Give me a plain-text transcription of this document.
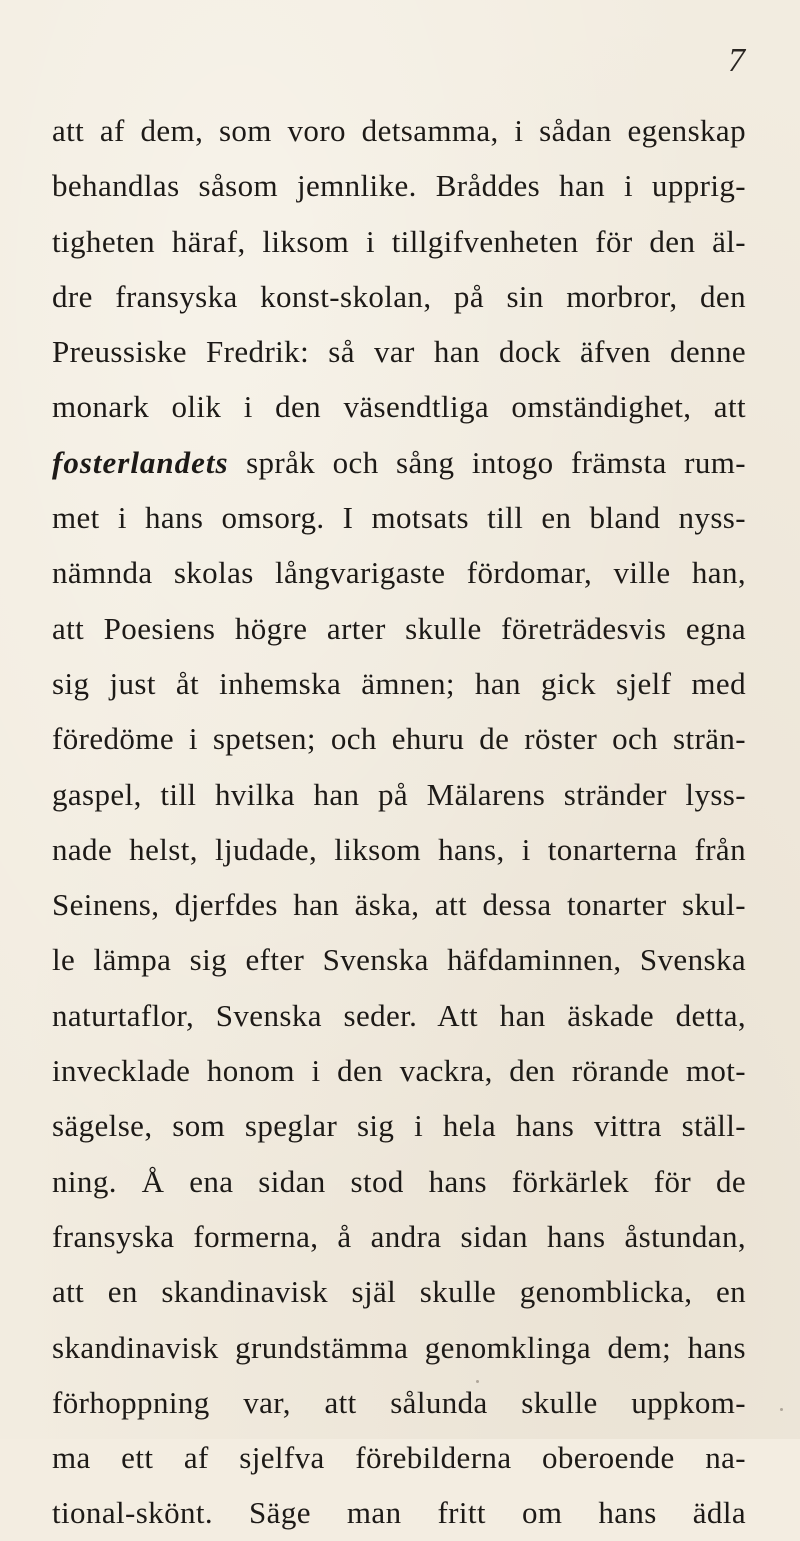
7
att af dem, som voro detsamma, i sådan egenskap
behandlas såsom jemnlike. Bråddes han i upprig-
tigheten häraf, liksom i tillgifvenheten för den äl-
dre fransyska konst-skolan, på sin morbror, den
Preussiske Fredrik: så var han dock äfven denne
monark olik i den väsendtliga omständighet, att
fosterlandets språk och sång intogo främsta rum-
met i hans omsorg. I motsats till en bland nyss-
nämnda skolas långvarigaste fördomar, ville han,
att Poesiens högre arter skulle företrädesvis egna
sig just åt inhemska ämnen; han gick sjelf med
föredöme i spetsen; och ehuru de röster och strän-
gaspel, till hvilka han på Mälarens stränder lyss-
nade helst, ljudade, liksom hans, i tonarterna från
Seinens, djerfdes han äska, att dessa tonarter skul-
le lämpa sig efter Svenska häfdaminnen, Svenska
naturtaflor, Svenska seder. Att han äskade detta,
invecklade honom i den vackra, den rörande mot-
sägelse, som speglar sig i hela hans vittra ställ-
ning. Å ena sidan stod hans förkärlek för de
fransyska formerna, å andra sidan hans åstundan,
att en skandinavisk själ skulle genomblicka, en
skandinavisk grundstämma genomklinga dem; hans
förhoppning var, att sålunda skulle uppkom-
ma ett af sjelfva förebilderna oberoende na-
tional-skönt. Säge man fritt om hans ädla
